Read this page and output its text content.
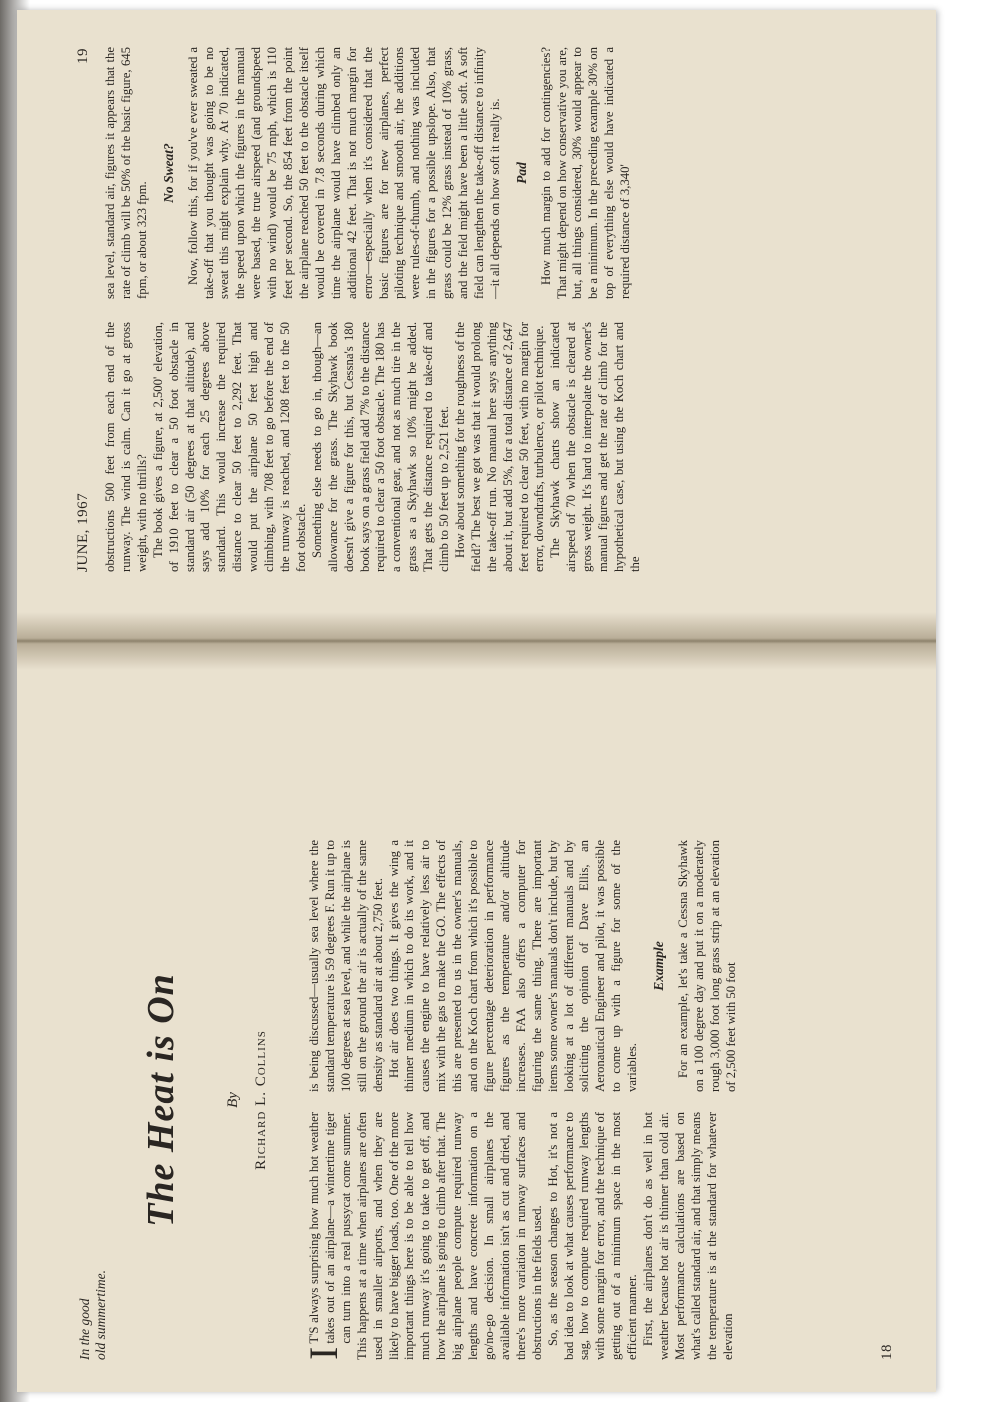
In the good old summertime.
The Heat is On	By Richard L. Collins

I
T'S always surprising how much hot weather takes out of an airplane—a wintertime tiger can turn into a real pussycat come summer. This happens at a time when airplanes are often used in smaller airports, and when they are likely to have bigger loads, too. One of the more important things here is to be able to tell how much runway it's going to take to get off, and how the airplane is going to climb after that. The big airplane people compute required runway lengths and have concrete information on a go/no-go decision. In small airplanes the available information isn't as cut and dried, and there's more variation in runway surfaces and obstructions in the fields used. So, as the season changes to Hot, it's not a bad idea to look at what causes performance to sag, how to compute required runway lengths with some margin for error, and the technique of getting out of a minimum space in the most efficient manner. First, the airplanes don't do as well in hot weather because hot air is thinner than cold air. Most performance calculations are based on what's called standard air, and that simply means the temperature is at the standard for whatever elevation

is being discussed—usually sea level where the standard temperature is 59 degrees F. Run it up to 100 degrees at sea level, and while the airplane is still on the ground the air is actually of the same density as standard air at about 2,750 feet. Hot air does two things. It gives the wing a thinner medium in which to do its work, and it causes the engine to have relatively less air to mix with the gas to make the GO. The effects of this are presented to us in the owner's manuals, and on the Koch chart from which it's possible to figure percentage deterioration in performance figures as the temperature and/or altitude increases. FAA also offers a computer for figuring the same thing. There are important items some owner's manuals don't include, but by looking at a lot of different manuals and by soliciting the opinion of Dave Ellis, an Aeronautical Engineer and pilot, it was possible to come up with a figure for some of the variables.

Example For an example, let's take a Cessna Skyhawk on a 100 degree day and put it on a moderately rough 3,000 foot long grass strip at an elevation of 2,500 feet with 50 foot

18
JUNE, 1967
19

obstructions 500 feet from each end of the runway. The wind is calm. Can it go at gross weight, with no thrills? The book gives a figure, at 2,500' elevation, of 1910 feet to clear a 50 foot obstacle in standard air (50 degrees at that altitude), and says add 10% for each 25 degrees above standard. This would increase the required distance to clear 50 feet to 2,292 feet. That would put the airplane 50 feet high and climbing, with 708 feet to go before the end of the runway is reached, and 1208 feet to the 50 foot obstacle. Something else needs to go in, though—an allowance for the grass. The Skyhawk book doesn't give a figure for this, but Cessna's 180 book says on a grass field add 7% to the distance required to clear a 50 foot obstacle. The 180 has a conventional gear, and not as much tire in the grass as a Skyhawk so 10% might be added. That gets the distance required to take-off and climb to 50 feet up to 2,521 feet. How about something for the roughness of the field? The best we got was that it would prolong the take-off run. No manual here says anything about it, but add 5%, for a total distance of 2,647 feet required to clear 50 feet, with no margin for error, downdrafts, turbulence, or pilot technique. The Skyhawk charts show an indicated airspeed of 70 when the obstacle is cleared at gross weight. It's hard to interpolate the owner's manual figures and get the rate of climb for the hypothetical case, but using the Koch chart and the

sea level, standard air, figures it appears that the rate of climb will be 50% of the basic figure, 645 fpm, or about 323 fpm.

No Sweat? Now, follow this, for if you've ever sweated a take-off that you thought was going to be no sweat this might explain why. At 70 indicated, the speed upon which the figures in the manual were based, the true airspeed (and groundspeed with no wind) would be 75 mph, which is 110 feet per second. So, the 854 feet from the point the airplane reached 50 feet to the obstacle itself would be covered in 7.8 seconds during which time the airplane would have climbed only an additional 42 feet. That is not much margin for error—especially when it's considered that the basic figures are for new airplanes, perfect piloting technique and smooth air, the additions were rules-of-thumb, and nothing was included in the figures for a possible upslope. Also, that grass could be 12% grass instead of 10% grass, and the field might have been a little soft. A soft field can lengthen the take-off distance to infinity—it all depends on how soft it really is. Pad How much margin to add for contingencies? That might depend on how conservative you are, but, all things considered, 30% would appear to be a minimum. In the preceding example 30% on top of everything else would have indicated a required distance of 3,340'
